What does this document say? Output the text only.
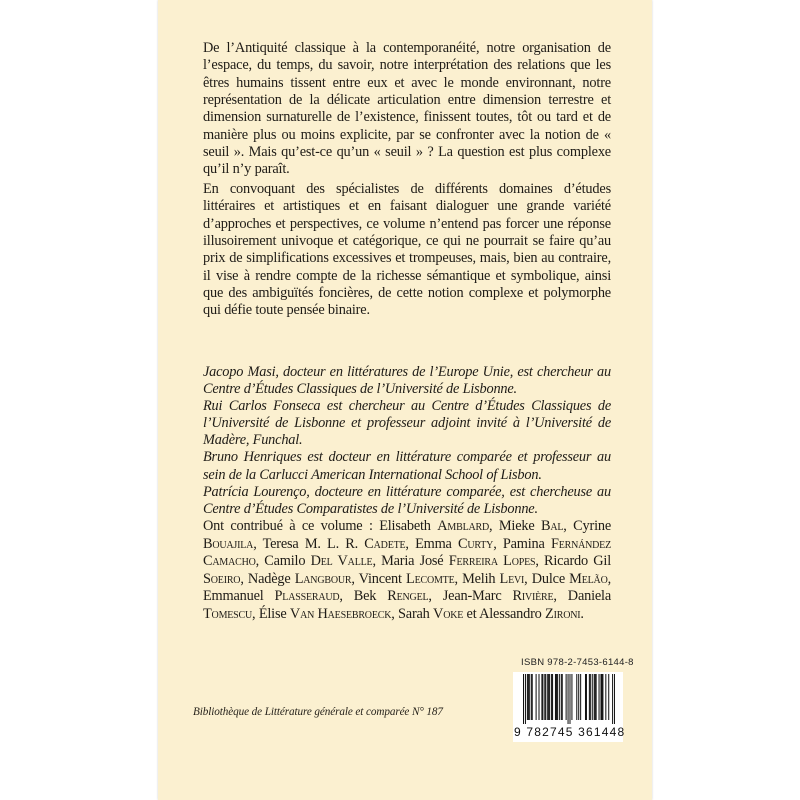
De l’Antiquité classique à la contemporanéité, notre organisation de l’espace, du temps, du savoir, notre interprétation des relations que les êtres humains tissent entre eux et avec le monde environnant, notre représentation de la délicate articulation entre dimension terrestre et dimension surnaturelle de l’existence, finissent toutes, tôt ou tard et de manière plus ou moins explicite, par se confronter avec la notion de « seuil ». Mais qu’est-ce qu’un « seuil » ? La question est plus complexe qu’il n’y paraît.

En convoquant des spécialistes de différents domaines d’études littéraires et artistiques et en faisant dialoguer une grande variété d’approches et perspectives, ce volume n’entend pas forcer une réponse illusoirement univoque et catégorique, ce qui ne pourrait se faire qu’au prix de simplifications excessives et trompeuses, mais, bien au contraire, il vise à rendre compte de la richesse sémantique et symbolique, ainsi que des ambiguïtés foncières, de cette notion complexe et polymorphe qui défie toute pensée binaire.

Jacopo Masi, docteur en littératures de l’Europe Unie, est chercheur au Centre d’Études Classiques de l’Université de Lisbonne.

Rui Carlos Fonseca est chercheur au Centre d’Études Classiques de l’Université de Lisbonne et professeur adjoint invité à l’Université de Madère, Funchal.

Bruno Henriques est docteur en littérature comparée et professeur au sein de la Carlucci American International School of Lisbon.

Patrícia Lourenço, docteure en littérature comparée, est chercheuse au Centre d’Études Comparatistes de l’Université de Lisbonne.

Ont contribué à ce volume : Elisabeth Amblard, Mieke Bal, Cyrine Bouajila, Teresa M. L. R. Cadete, Emma Curty, Pamina Fernández Camacho, Camilo Del Valle, Maria José Ferreira Lopes, Ricardo Gil Soeiro, Nadège Langbour, Vincent Lecomte, Melih Levi, Dulce Melão, Emmanuel Plasseraud, Bek Rengel, Jean-Marc Rivière, Daniela Tomescu, Élise Van Haesebroeck, Sarah Voke et Alessandro Zironi.

Bibliothèque de Littérature générale et comparée N° 187
ISBN 978-2-7453-6144-8
9 782745 361448
